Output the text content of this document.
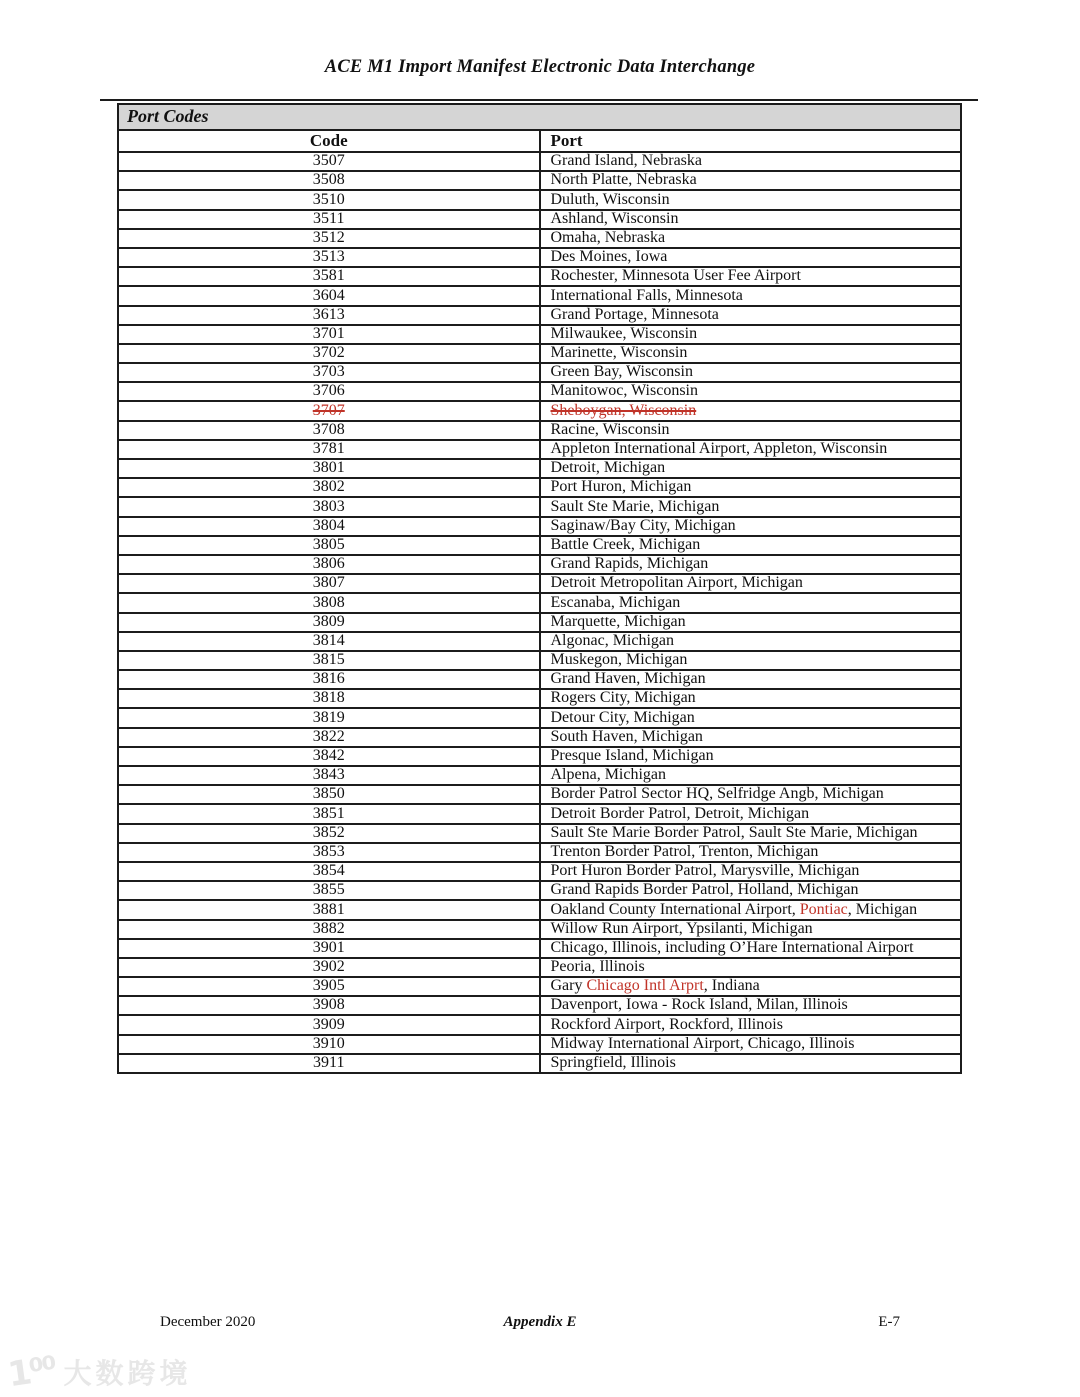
ACE M1 Import Manifest Electronic Data Interchange
Port Codes	
Code	Port
3507	Grand Island, Nebraska
3508	North Platte, Nebraska
3510	Duluth, Wisconsin
3511	Ashland, Wisconsin
3512	Omaha, Nebraska
3513	Des Moines, Iowa
3581	Rochester, Minnesota User Fee Airport
3604	International Falls, Minnesota
3613	Grand Portage, Minnesota
3701	Milwaukee, Wisconsin
3702	Marinette, Wisconsin
3703	Green Bay, Wisconsin
3706	Manitowoc, Wisconsin
3707	Sheboygan, Wisconsin
3708	Racine, Wisconsin
3781	Appleton International Airport, Appleton, Wisconsin
3801	Detroit, Michigan
3802	Port Huron, Michigan
3803	Sault Ste Marie, Michigan
3804	Saginaw/Bay City, Michigan
3805	Battle Creek, Michigan
3806	Grand Rapids, Michigan
3807	Detroit Metropolitan Airport, Michigan
3808	Escanaba, Michigan
3809	Marquette, Michigan
3814	Algonac, Michigan
3815	Muskegon, Michigan
3816	Grand Haven, Michigan
3818	Rogers City, Michigan
3819	Detour City, Michigan
3822	South Haven, Michigan
3842	Presque Island, Michigan
3843	Alpena, Michigan
3850	Border Patrol Sector HQ, Selfridge Angb, Michigan
3851	Detroit Border Patrol, Detroit, Michigan
3852	Sault Ste Marie Border Patrol, Sault Ste Marie, Michigan
3853	Trenton Border Patrol, Trenton, Michigan
3854	Port Huron Border Patrol, Marysville, Michigan
3855	Grand Rapids Border Patrol, Holland, Michigan
3881	Oakland County International Airport, Pontiac, Michigan
3882	Willow Run Airport, Ypsilanti, Michigan
3901	Chicago, Illinois, including O’Hare International Airport
3902	Peoria, Illinois
3905	Gary Chicago Intl Arprt, Indiana
3908	Davenport, Iowa - Rock Island, Milan, Illinois
3909	Rockford Airport, Rockford, Illinois
3910	Midway International Airport, Chicago, Illinois
3911	Springfield, Illinois
Appendix E
December 2020	E-7
1⁰⁰ 大数跨境
